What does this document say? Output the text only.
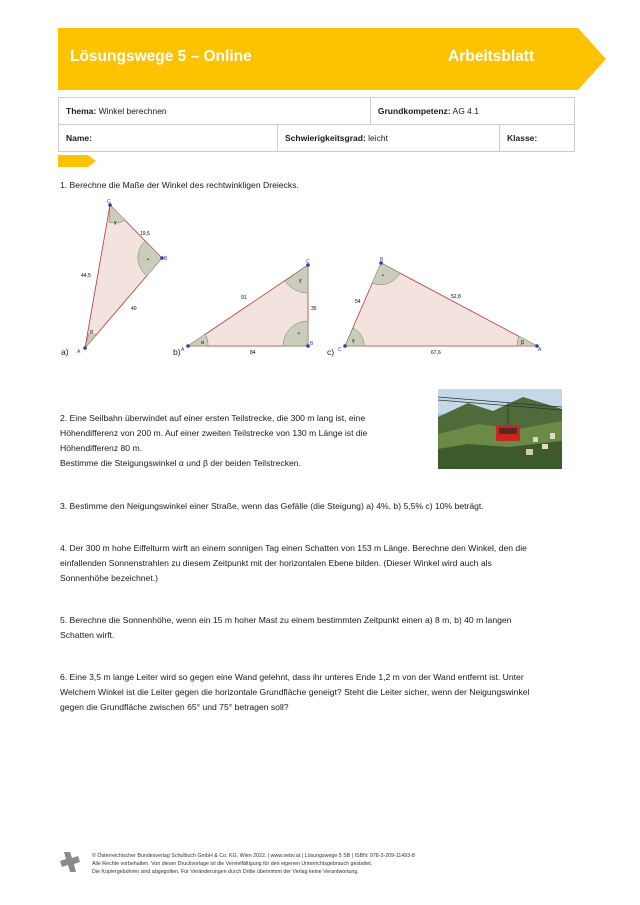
Lösungswege 5 – Online	Arbeitsblatt
Thema: Winkel berechnen		Grundkompetenz: AG 4.1	
Name:	Schwierigkeitsgrad: leicht		Klasse:
1. Berechne die Maße der Winkel des rechtwinkligen Dreiecks.
A
B
C
γ
•
α
44,5
19,5
40
A
B
C
α
•
γ
91
35
84	C	A
B
γ	β
•
54
52,8
67,6
a)	b)	c)
2. Eine Seilbahn überwindet auf einer ersten Teilstrecke, die 300 m lang ist, eine
Höhendifferenz von 200 m. Auf einer zweiten Teilstrecke von 130 m Länge ist die
Höhendifferenz 80 m.
Bestimme die Steigungswinkel α und β der beiden Teilstrecken.
3. Bestimme den Neigungswinkel einer Straße, wenn das Gefälle (die Steigung) a) 4%, b) 5,5% c) 10% beträgt.
4. Der 300 m hohe Eiffelturm wirft an einem sonnigen Tag einen Schatten von 153 m Länge. Berechne den Winkel, den die
einfallenden Sonnenstrahlen zu diesem Zeitpunkt mit der horizontalen Ebene bilden. (Dieser Winkel wird auch als
Sonnenhöhe bezeichnet.)
5. Berechne die Sonnenhöhe, wenn ein 15 m hoher Mast zu einem bestimmten Zeitpunkt einen a) 8 m, b) 40 m langen
Schatten wirft.
6. Eine 3,5 m lange Leiter wird so gegen eine Wand gelehnt, dass ihr unteres Ende 1,2 m von der Wand entfernt ist. Unter
Welchem Winkel ist die Leiter gegen die horizontale Grundfläche geneigt? Steht die Leiter sicher, wenn der Neigungswinkel
gegen die Grundfläche zwischen 65° und 75° betragen soll?
© Österreichischer Bundesverlag Schulbuch GmbH & Co. KG, Wien 2022. | www.oebv.at | Lösungswege 5 SB | ISBN: 978-3-209-11493-8
Alle Rechte vorbehalten. Von dieser Druckvorlage ist die Vervielfältigung für den eigenen Unterrichtsgebrauch gestattet.
Die Kopiergebühren sind abgegolten. Für Veränderungen durch Dritte übernimmt der Verlag keine Verantwortung.
